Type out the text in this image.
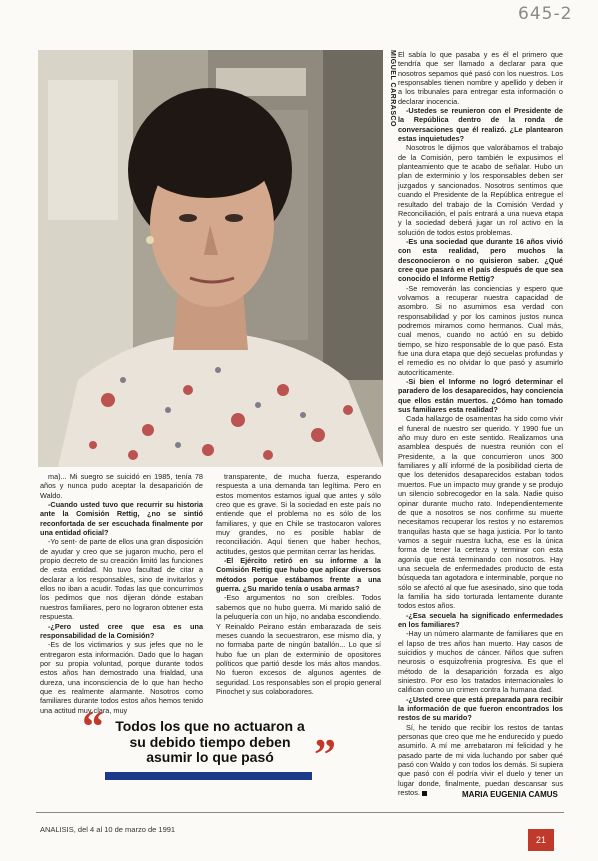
645-2
MIGUEL CARRASCO

ma)... Mi suegro se suicidó en 1985, tenía 78 años y nunca pudo aceptar la desaparición de Waldo.

-Cuando usted tuvo que recurrir su historia ante la Comisión Rettig, ¿no se sintió reconfortada de ser escuchada finalmente por una entidad oficial?

-Yo sent- de parte de ellos una gran disposición de ayudar y creo que se jugaron mucho, pero el propio decreto de su creación limitó las funciones de esta entidad. No tuvo facultad de citar a declarar a los responsables, sino de invitarlos y ellos no iban a acudir. Todas las que concurrimos los pedimos que nos dijeran dónde estaban nuestros familiares, pero no lograron obtener esta respuesta.

-¿Pero usted cree que esa es una responsabilidad de la Comisión?

-Es de los victimarios y sus jefes que no le entregaron esta información. Dado que lo hagan por su propia voluntad, porque durante todos estos años han demostrado una frialdad, una dureza, una inconsciencia de lo que han hecho que es realmente alarmante. Nosotros como familiares durante todos estos años hemos tenido una actitud muy clara, muy

transparente, de mucha fuerza, esperando respuesta a una demanda tan legítima. Pero en estos momentos estamos igual que antes y sólo creo que es grave. Si la sociedad en este país no entiende que el problema no es sólo de los familiares, y que en Chile se trastocaron valores muy grandes, no es posible hablar de reconciliación. Aquí tienen que haber hechos, actitudes, gestos que permitan cerrar las heridas.

-El Ejército retiró en su informe a la Comisión Rettig que hubo que aplicar diversos métodos porque estábamos frente a una guerra. ¿Su marido tenía o usaba armas?

-Eso argumentos no son creíbles. Todos sabemos que no hubo guerra. Mi marido salió de la peluquería con un hijo, no andaba escondiendo. Y Reinaldo Peirano están embarazada de seis meses cuando la secuestraron, ese mismo día, y no formaba parte de ningún batallón... Lo que sí hubo fue un plan de exterminio de opositores políticos que partió desde los más altos mandos. No fueron excesos de algunos agentes de seguridad. Los responsables son el propio general Pinochet y sus colaboradores.

El sabía lo que pasaba y es él el primero que tendría que ser llamado a declarar para que nosotros sepamos qué pasó con los nuestros. Los responsables tienen nombre y apellido y deben ir a los tribunales para entregar esta información o declarar inocencia.

-Ustedes se reunieron con el Presidente de la República dentro de la ronda de conversaciones que él realizó. ¿Le plantearon estas inquietudes?

Nosotros le dijimos que valorábamos el trabajo de la Comisión, pero también le expusimos el planteamiento que te acabo de señalar. Hubo un plan de exterminio y los responsables deben ser juzgados y sancionados. Nosotros sentimos que cuando el Presidente de la República entregue el resultado del trabajo de la Comisión Verdad y Reconciliación, el país entrará a una nueva etapa y la sociedad deberá jugar un rol activo en la solución de todos estos problemas.

-Es una sociedad que durante 16 años vivió con esta realidad, pero muchos la desconocieron o no quisieron saber. ¿Qué cree que pasará en el país después de que sea conocido el Informe Rettig?

-Se removerán las conciencias y espero que volvamos a recuperar nuestra capacidad de asombro. Si no asumimos esa verdad con responsabilidad y por los caminos justos nunca podremos miramos como hermanos. Cual más, cual menos, cuando no actúó en su debido tiempo, se hizo responsable de lo que pasó. Esta fue una dura etapa que dejó secuelas profundas y el remedio es no olvidar lo que pasó y asumirlo autocríticamente.

-Si bien el Informe no logró determinar el paradero de los desaparecidos, hay conciencia que ellos están muertos. ¿Cómo han tomado sus familiares esta realidad?

Cada hallazgo de osamentas ha sido como vivir el funeral de nuestro ser querido. Y 1990 fue un año muy duro en este sentido. Realizamos una asamblea después de nuestra reunión con el Presidente, a la que concurrieron unos 300 familiares y allí informé de la posibilidad cierta de que los detenidos desaparecidos estaban todos muertos. Fue un impacto muy grande y se produjo un silencio sobrecogedor en la sala. Nadie quiso opinar durante mucho rato. Independientemente de que a nosotros se nos confirme su muerte necesitamos recuperar los restos y no estaremos tranquilas hasta que se haga justicia. Por lo tanto vamos a seguir nuestra lucha, ese es la única forma de tener la certeza y terminar con esta agonía que está terminando con nosotros. Hay una secuela de enfermedades producto de esta búsqueda tan agotadora e interminable, porque no sólo se afectó al que fue asesinado, sino que toda la familia ha sido torturada lentamente durante todos estos años.

-¿Esa secuela ha significado enfermedades en los familiares?

-Hay un número alarmante de familiares que en el lapso de tres años han muerto. Hay casos de suicidios y muchos de cáncer. Niños que sufren neurosis o esquizofrenia progresiva. Es que el método de la desaparición forzada es algo siniestro. Por eso los tratados internacionales lo califican como un crimen contra la humana dad.

-¿Usted cree que está preparada para recibir la información de que fueron encontrados los restos de su marido?

Sí, he tenido que recibir los restos de tantas personas que creo que me he endurecido y puedo asumirlo. A mí me arrebataron mi felicidad y he pasado parte de mi vida luchando por saber qué pasó con Waldo y con todos los demás. Si supiera que pasó con él podría vivir el duelo y tener un lugar donde, finalmente, puedan descansar sus restos.

“ Todos los que no actuaron a su debido tiempo deben asumir lo que pasó ”
MARIA EUGENIA CAMUS
ANALISIS, del 4 al 10 de marzo de 1991
21
